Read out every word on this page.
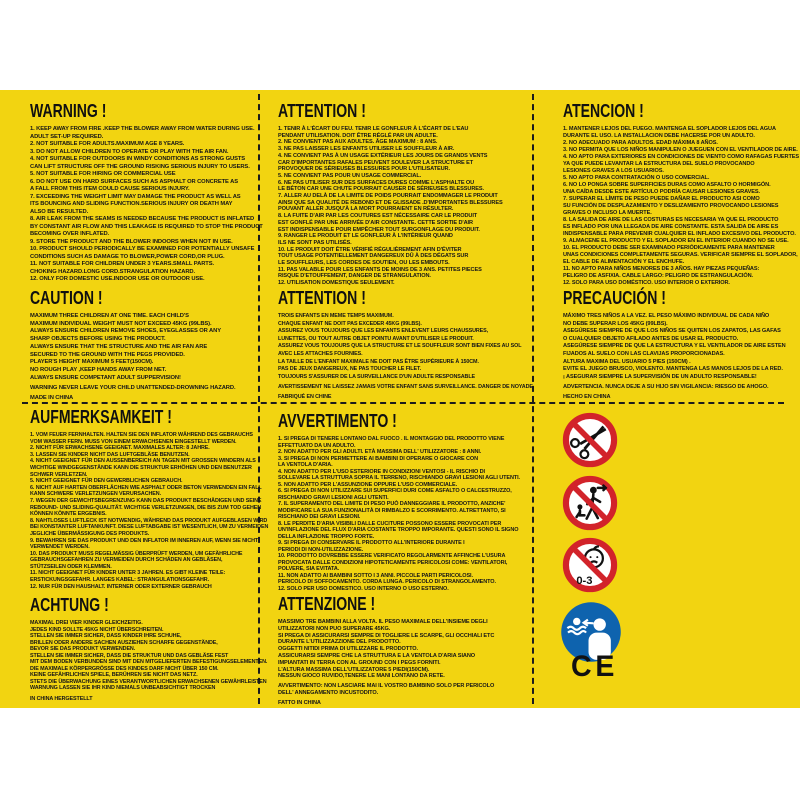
WARNING !
1. KEEP AWAY FROM FIRE .KEEP THE BLOWER AWAY FROM WATER DURING USE.
ADULT SET-UP REQUIRED.
2. NOT SUITABLE FOR ADULTS.MAXIMUM AGE 8 YEARS.
3. DO NOT ALLOW CHILDREN TO OPERATE OR PLAY WITH THE AIR FAN.
4. NOT SUITABLE FOR OUTDOORS IN WINDY CONDITIONS AS STRONG GUSTS
CAN LIFT STRUCTURE OFF THE GROUND RISKING SERIOUS INJURY TO USERS.
5. NOT SUITABLE FOR HIRING OR COMMERCIAL USE
6. DO NOT USE ON HARD SURFACES SUCH AS ASPHALT OR CONCRETE AS
A FALL FROM THIS ITEM COULD CAUSE SERIOUS INJURY.
7. EXCEEDING THE WEIGHT LIMIT MAY DAMAGE THE PRODUCT AS WELL AS
ITS BOUNCING AND SLIDING FUNCTION.SERIOUS INJURY OR DEATH MAY
ALSO BE RESULTED.
8. AIR LEAK FROM THE SEAMS IS NEEDED BECAUSE THE PRODUCT IS INFLATED
BY CONSTANT AIR FLOW AND THIS LEAKAGE IS REQUIRED TO STOP THE PRODUCT
BECOMING OVER INFLATED.
9. STORE THE PRODUCT AND THE BLOWER INDOORS WHEN NOT IN USE.
10. PRODUCT SHOULD PERIODICALLY BE EXAMINED FOR POTENTIALLY UNSAFE
CONDITIONS SUCH AS DAMAGE TO BLOWER,POWER CORD,OR PLUG.
11. NOT SUITABLE FOR CHILDREN UNDER 3 YEARS.SMALL PARTS.
CHOKING HAZARD.LONG CORD.STRANGULATION HAZARD.
12. ONLY FOR DOMESTIC USE.INDOOR USE OR OUTDOOR USE.
CAUTION !
MAXIMUM THREE CHILDREN AT ONE TIME. EACH CHILD'S
MAXIMUM INDIVIDUAL WEIGHT MUST NOT EXCEED 45KG (99LBS).
ALWAYS ENSURE CHILDREN REMOVE SHOES, EYEGLASSES OR ANY
SHARP OBJECTS BEFORE USING THE PRODUCT.
ALWAYS ENSURE THAT THE STRUCTURE AND THE AIR FAN ARE
SECURED TO THE GROUND WITH THE PEGS PROVIDED.
PLAYER'S HEIGHT MAXIMUM 5 FEET(150CM).
NO ROUGH PLAY ,KEEP HANDS AWAY FROM NET.
ALWAYS ENSURE COMPETANT ADULT SUPPERVISION!
WARNING NEVER LEAVE YOUR CHILD UNATTENDED-DROWNING HAZARD.
MADE IN CHINA
AUFMERKSAMKEIT !
1. VOM FEUER FERNHALTEN. HALTEN SIE DEN INFLATOR WÄHREND DES GEBRAUCHS
VOM WASSER FERN. MUSS VON EINEM ERWACHSENEN EINGESTELLT WERDEN.
2. NICHT FÜR ERWACHSENE GEEIGNET. MAXIMALES ALTER: 8 JAHRE.
3. LASSEN SIE KINDER NICHT DAS LUFTGEBLÄSE BENUTZEN.
4. NICHT GEEIGNET FÜR DEN AUSSENBEREICH AN TAGEN MIT GROSSEN WINDERN ALS
WICHTIGE WINDGEGENSTÄNDE KANN DIE STRUKTUR ERHÖHEN UND DEN BENUTZER
SCHWER VERLETZEN.
5. NICHT GEEIGNET FÜR DEN GEWERBLICHEN GEBRAUCH.
6. NICHT AUF HARTEN OBERFLÄCHEN WIE ASPHALT ODER BETON VERWENDEN EIN FALL
KANN SCHWERE VERLETZUNGEN VERURSACHEN.
7. WEGEN DER GEWICHTSBEGRENZUNG KANN DAS PRODUKT BESCHÄDIGEN UND SEINE
REBOUND- UND SLIDING-QUALITÄT. WICHTIGE VERLETZUNGEN, DIE BIS ZUM TOD GEHEN
KÖNNEN KÖNNTE ERGEBNIS.
8. NAHTLOSES LUFTLECK IST NOTWENDIG, WÄHREND DAS PRODUKT AUFGEBLASEN WIRD
BEI KONSTANTER LUFTANKUNFT. DIESE LUFTABGABE IST WESENTLICH, UM ZU VERMEIDEN
JEGLICHE ÜBERMÄSSIGUNG DES PRODUKTS.
9. BEWAHREN SIE DAS PRODUKT UND DEN INFLATOR IM INNEREN AUF, WENN SIE NICHT
VERWENDET WERDEN.
10. DAS PRODUKT MUSS REGELMÄSSIG ÜBERPRÜFT WERDEN, UM GEFÄHRLICHE
GEBRAUCHSGEFAHREN ZU VERMEIDEN DURCH SCHÄDEN AN GEBLÄSEN,
STÜTZSEILEN ODER KLEMMEN.
11. NICHT GEEIGNET FÜR KINDER UNTER 3 JAHREN. ES GIBT KLEINE TEILE:
ERSTICKUNGSGEFAHR. LANGES KABEL: STRANGULATIONSGEFAHR.
12. NUR FÜR DEN HAUSHALT. INTERNER ODER EXTERNER GEBRAUCH
ACHTUNG !
MAXIMAL DREI VIER KINDER GLEICHZEITIG.
JEDES KIND SOLLTE 45KG NICHT ÜBERSCHREITEN.
STELLEN SIE IMMER SICHER, DASS KINDER IHRE SCHUHE,
BRILLEN ODER ANDERE SACHEN AUSZIEHEN SCHARFE GEGENSTÄNDE,
BEVOR SIE DAS PRODUKT VERWENDEN.
STELLEN SIE IMMER SICHER, DASS DIE STRUKTUR UND DAS GEBLÄSE FEST
MIT DEM BODEN VERBUNDEN SIND MIT DEN MITGELIEFERTEN BEFESTIGUNGSELEMENTEN.
DIE MAXIMALE KÖRPERGRÖSSE DES KINDES DARF NICHT ÜBER 150 CM.
KEINE GEFÄHRLICHEN SPIELE, BERÜHREN SIE NICHT DAS NETZ.
STETS DIE ÜBERWACHUNG EINES VERANTWORTLICHEN ERWACHSENEN GEWÄHRLEISTEN
WARNUNG LASSEN SIE IHR KIND NIEMALS UNBEABSICHTIGT TROCKEN
IN CHINA HERGESTELLT
ATTENTION !
1. TENIR À L'ÉCART DU FEU. TENIR LE GONFLEUR À L'ÉCART DE L'EAU
PENDANT UTILISATION. DOIT ÊTRE RÉGLÉ PAR UN ADULTE.
2. NE CONVIENT PAS AUX ADULTES. ÂGE MAXIMUM : 8 ANS.
3. NE PAS LAISSER LES ENFANTS UTILISER LE SOUFFLEUR À AIR.
4. NE CONVIENT PAS À UN USAGE EXTÉRIEUR LES JOURS DE GRANDS VENTS
CAR D'IMPORTANTES RAFALES PEUVENT SOULEVER LA STRUCTURE ET
PROVOQUER DE SÉRIEUSES BLESSURES POUR L'UTILISATEUR.
5. NE CONVIENT PAS POUR UN USAGE COMMERCIAL.
6. NE PAS UTILISER SUR DES SURFACES DURES COMME L'ASPHALTE OU
LE BÉTON CAR UNE CHUTE POURRAIT CAUSER DE SÉRIEUSES BLESSURES.
7. ALLER AU DELÀ DE LA LIMITE DE POIDS POURRAIT ENDOMMAGER LE PRODUIT
AINSI QUE SA QUALITÉ DE REBOND ET DE GLISSADE .D'IMPORTANTES BLESSURES
POUVANT ALLER JUSQU'À LA MORT POURRAIENT EN RÉSULTER.
8. LA FUITE D'AIR PAR LES COUTURES EST NÉCESSAIRE CAR LE PRODUIT
EST GONFLÉ PAR UNE ARRIVÉE D'AIR CONSTANTE. CETTE SORTIE D'AIR
EST INDISPENSABLE POUR EMPÊCHER TOUT SURGONFLAGE DU PRODUIT.
9. RANGER LE PRODUIT ET LE GONFLEUR À L'INTÉRIEUR QUAND
ILS NE SONT PAS UTILISÉS.
10. LE PRODUIT DOIT ÊTRE VÉRIFIÉ RÉGULIÈREMENT AFIN D'ÉVITER
TOUT USAGE POTENTIELLEMENT DANGEREUX DÛ À DES DÉGATS SUR
LE SOUFFLEURS, LES CORDES DE SOUTIEN, OU LES EMBOUTS.
11. PAS VALABLE POUR LES ENFANTS DE MOINS DE 3 ANS. PETITES PIECES
RISQUE D'ETOUFFEMENT, DANGER DE STRANGULATION.
12. UTILISATION DOMESTIQUE SEULEMENT.
ATTENTION !
TROIS ENFANTS EN MEME TEMPS MAXIMUM.
CHAQUE ENFANT NE DOIT PAS EXCEDER 45KG (99LBS).
ASSUREZ VOUS TOUJOURS QUE LES ENFANTS ENLEVENT LEURS CHAUSSURES,
LUNETTES, OU TOUT AUTRE OBJET POINTU AVANT D'UTILISER LE PRODUIT.
ASSUREZ VOUS TOUJOURS QUE LA STRUCTURE ET LE SOUFFLEUR SONT BIEN FIXES AU SOL
AVEC LES ATTACHES FOURNIES.
LA TAILLE DE L'ENFANT MAXIMALE NE DOIT PAS ÊTRE SUPÉRIEURE À 150CM.
PAS DE JEUX DANGEREUX, NE PAS TOUCHER LE FILET.
TOUJOURS S'ASSURER DE LA SURVEILLANCE D'UN ADULTE RESPONSABLE
AVERTISSEMENT NE LAISSEZ JAMAIS VOTRE ENFANT SANS SURVEILLANCE. DANGER DE NOYADE.
FABRIQUÉ EN CHINE
AVVERTIMENTO !
1. SI PREGA DI TENERE LONTANO DAL FUOCO . IL MONTAGGIO DEL PRODOTTO VIENE
EFFETTUATO DA UN ADULTO.
2. NON ADATTO PER GLI ADULTI. ETÀ MASSIMA DELL' UTILIZZATORE : 8 ANNI.
3. SI PREGA DI NON PERMETTERE AI BAMBINI DI OPERARE O GIOCARE CON
LA VENTOLA D'ARIA.
4. NON ADATTO PER L'USO ESTERIORE IN CONDIZIONI VENTOSI - IL RISCHIO DI
SOLLEVARE LA STRUTTURA SOPRA IL TERRENO, RISCHIANDO GRAVI LESIONI AGLI UTENTI.
5. NON ADATTO PER L'ASSUNZIONE OPPURE L'USO COMMERCIALE.
6. SI PREGA DI NON UTILIZZARE SUI SUPERFICI DURI COME ASFALTO O CALCESTRUZZO,
RISCHIANDO GRAVI LESIONI AGLI UTENTI.
7. IL SUPERAMENTO DEL LIMITE DI PESO PUÒ DANNEGGIARE IL PRODOTTO, ANZICHE'
MODIFICARE LA SUA FUNZIONALITÀ DI RIMBALZO E SCORRIMENTO. ALTRETTANTO, SI
RISCHIANO DEI GRAVI LESIONI.
8. LE PERDITE D'ARIA VISIBILI DALLE CUCITURE POSSONO ESSERE PROVOCATI PER
UN'INFLAZIONE DEL FLUX D'ARIA COSTANTE TROPPO IMPORANTE. QUESTI SONO IL SIGNO
DELLA INFLAZIONE TROPPO FORTE.
9. SI PREGA DI CONSERVARE IL PRODOTTO ALL'INTERIORE DURANTE I
PERIODI DI NON-UTILIZZAZIONE.
10. PRODOTTO DOVREBBE ESSERE VERIFICATO REGOLARMENTE AFFINCHE L'USURA
PROVOCATA DALLE CONDIZIONI HIPOTETICAMENTE PERICOLOSI COME: VENTILATORI,
POLVERE, SIA EVITATA.
11. NON ADATTO AI BAMBINI SOTTO I 3 ANNI. PICCOLE PARTI PERICOLOSI.
PERICOLO DI SOFFOCAMENTO. CORDA LUNGA. PERICOLO DI STRANGOLAMENTO.
12. SOLO PER USO DOMESTICO. USO INTERNO O USO ESTERNO.
ATTENZIONE !
MASSIMO TRE BAMBINI ALLA VOLTA. IL PESO MAXIMALE DELL'INSIEME DEGLI
UTILIZZATORI NON PUO SUPERARE 45KG.
SI PREGA DI ASSICURARSI SEMPRE DI TOGLIERE LE SCARPE, GLI OCCHIALI ETC
DURANTE L'UTILIZZAZZIONE DEL PRODOTTO.
OGGETTI NITIDI PRIMA DI UTILIZZARE IL PRODOTTO.
ASSICURARSI SEMPRE CHE LA STRUTTURA E LA VENTOLA D'ARIA SIANO
IMPIANTATI IN TERRA CON AL GROUND CON I PEGS FORNITI.
L'ALTURA MASSIMA DELL'UTILIZZATORE 5 PIEDI(150CM).
NESSUN GIOCO RUVIDO,TENERE LE MANI LONTANO DA RETE.
AVVERTIMENTO: NON LASCIARE MAI IL VOSTRO BAMBINO SOLO PER PERICOLO
DELL' ANNEGAMENTO INCUSTODITO.
FATTO IN CHINA
ATENCION !
1. MANTENER LEJOS DEL FUEGO. MANTENGA EL SOPLADOR LEJOS DEL AGUA
DURANTE EL USO. LA INSTALLACION DEBE HACERSE POR UN ADULTO.
2. NO ADECUADO PARA ADULTOS. EDAD MÁXIMA 8 AÑOS.
3. NO PERMITA QUE LOS NIÑOS MANIPULEN O JUEGUEN CON EL VENTILADOR DE AIRE.
4. NO APTO PARA EXTERIORES EN CONDICIONES DE VIENTO COMO RAFAGAS FUERTES
YA QUE PUEDE LEVANTAR LA ESTRUCTURA DEL SUELO PROVOCANDO
LESIONES GRAVES A LOS USUARIOS.
5. NO APTO PARA CONTRATACIÓN O USO COMERCIAL.
6. NO LO PONGA SOBRE SUPERFICIES DURAS COMO ASFALTO O HORMIGÓN.
UNA CAÍDA DESDE ESTE ARTÍCULO PODRÍA CAUSAR LESIONES GRAVES.
7. SUPERAR EL LÍMITE DE PESO PUEDE DAÑAR EL PRODUCTO ASI COMO
SU FUNCIÓN DE DESPLAZAMIENTO Y DESLIZAMIENTO PROVOCANDO LESIONES
GRAVES O INCLUSO LA MUERTE.
8. LA SALIDA DE AIRE DE LAS COSTURAS ES NECESARIA YA QUE EL PRODUCTO
ES INFLADO POR UNA LLEGADA DE AIRE CONSTANTE. ESTA SALIDA DE AIRE ES
INDISPENSABLE PARA PREVENIR CUALQUIER EL INFLADO EXCESIVO DEL PRODUCTO.
9. ALMACENE EL PRODUCTO Y EL SOPLADOR EN EL INTERIOR CUANDO NO SE USE.
10. EL PRODUCTO DEBE SER EXAMINADO PERIÓDICAMENTE PARA MANTENER
UNAS CONDICIONES COMPLETAMENTE SEGURAS. VERIFICAR SIEMPRE EL SOPLADOR,
EL CABLE DE ALIMENTACIÓN Y EL ENCHUFE.
11. NO APTO PARA NIÑOS MENORES DE 3 AÑOS. HAY PIEZAS PEQUEÑAS:
PELIGRO DE ASFIXIA. CABLE LARGO: PELIGRO DE ESTRANGULACIÓN.
12. SOLO PARA USO DOMÉSTICO. USO INTERIOR O EXTERIOR.
PRECAUCIÓN !
MÁXIMO TRES NIÑOS A LA VEZ. EL PESO MÁXIMO INDIVIDUAL DE CADA NIÑO
NO DEBE SUPERAR LOS 45KG (99LBS).
ASEGÚRESE SIEMPRE DE QUE LOS NIÑOS SE QUITEN LOS ZAPATOS, LAS GAFAS
O CUALQUIER OBJETO AFILADO ANTES DE USAR EL PRODUCTO.
ASEGÚRESE SIEMPRE DE QUE LA ESTRUCTURA Y EL VENTILADOR DE AIRE ESTEN
FIJADOS AL SUELO CON LAS CLAVIJAS PROPORCIONADAS.
ALTURA MAXIMA DEL USUARIO 5 PIES (150CM) .
EVITE EL JUEGO BRUSCO, VIOLENTO. MANTENGA LAS MANOS LEJOS DE LA RED.
¡ ASEGURAR SIEMPRE LA SUPERVISIÓN DE UN ADULTO RESPONSABLE!
ADVERTENCIA. NUNCA DEJE A SU HIJO SIN VIGILANCIA: RIESGO DE AHOGO.
HECHO EN CHINA
0-3
CE
